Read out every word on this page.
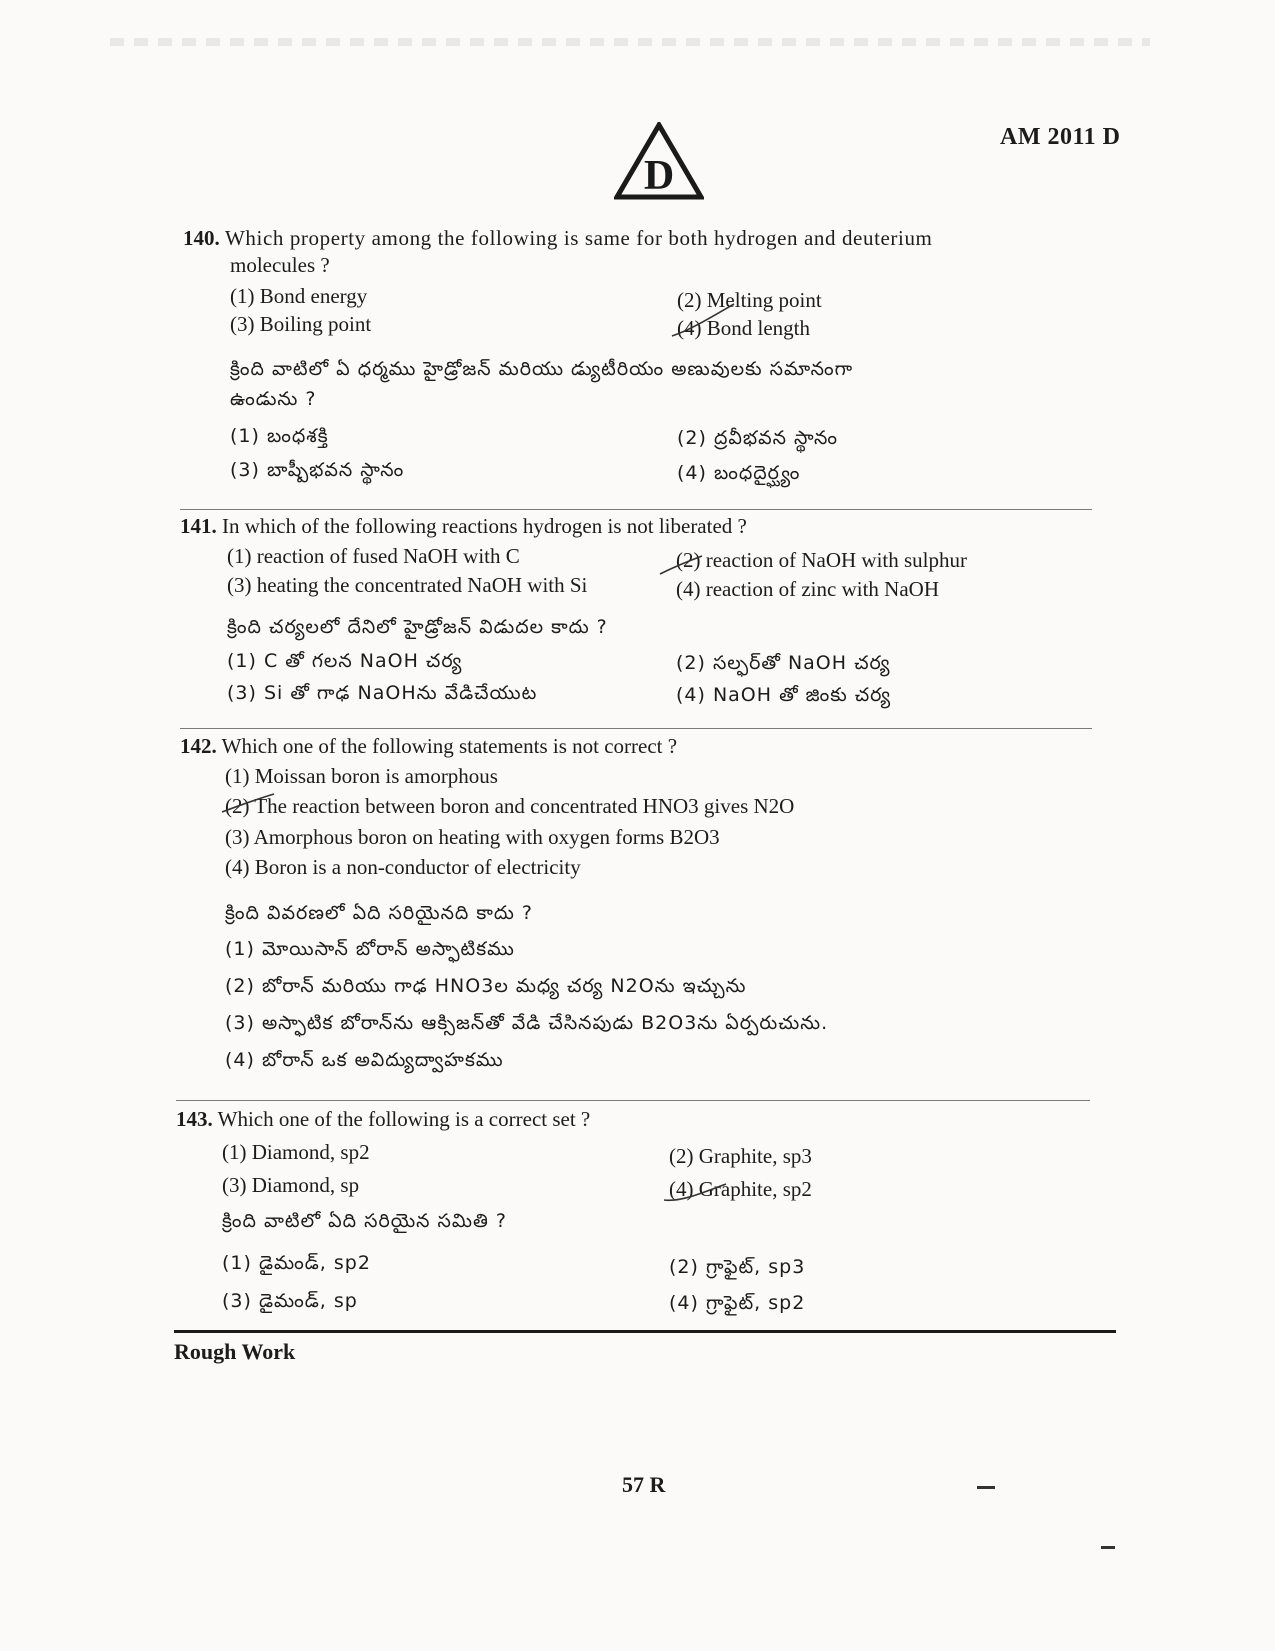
AM 2011 D
D
140. Which property among the following is same for both hydrogen and deuterium
molecules ?
(1) Bond energy	(2) Melting point
(3) Boiling point	(4) Bond length
క్రింది వాటిలో ఏ ధర్మము హైడ్రోజన్ మరియు డ్యుటీరియం అణువులకు సమానంగా
ఉండును ?
(1) బంధశక్తి	(2) ద్రవీభవన స్థానం
(3) బాష్పీభవన స్థానం	(4) బంధదైర్ఘ్యం
141. In which of the following reactions hydrogen is not liberated ?
(1) reaction of fused NaOH with C	(2) reaction of NaOH with sulphur
(3) heating the concentrated NaOH with Si	(4) reaction of zinc with NaOH
క్రింది చర్యలలో దేనిలో హైడ్రోజన్ విడుదల కాదు ?
(1) C తో గలన NaOH చర్య	(2) సల్ఫర్‌తో NaOH చర్య
(3) Si తో గాఢ NaOHను వేడిచేయుట	(4) NaOH తో జింకు చర్య
142. Which one of the following statements is not correct ?
(1) Moissan boron is amorphous
(2) The reaction between boron and concentrated HNO3 gives N2O
(3) Amorphous boron on heating with oxygen forms B2O3
(4) Boron is a non-conductor of electricity
క్రింది వివరణలో ఏది సరియైనది కాదు ?
(1) మోయిసాన్ బోరాన్ అస్ఫాటికము
(2) బోరాన్ మరియు గాఢ HNO3ల మధ్య చర్య N2Oను ఇచ్చును
(3) అస్ఫాటిక బోరాన్‌ను ఆక్సిజన్‌తో వేడి చేసినపుడు B2O3ను ఏర్పరుచును.
(4) బోరాన్ ఒక అవిద్యుద్వాహకము
143. Which one of the following is a correct set ?
(1) Diamond, sp2	(2) Graphite, sp3
(3) Diamond, sp	(4) Graphite, sp2
క్రింది వాటిలో ఏది సరియైన సమితి ?
(1) డైమండ్, sp2	(2) గ్రాఫైట్, sp3
(3) డైమండ్, sp	(4) గ్రాఫైట్, sp2
Rough Work
57 R
